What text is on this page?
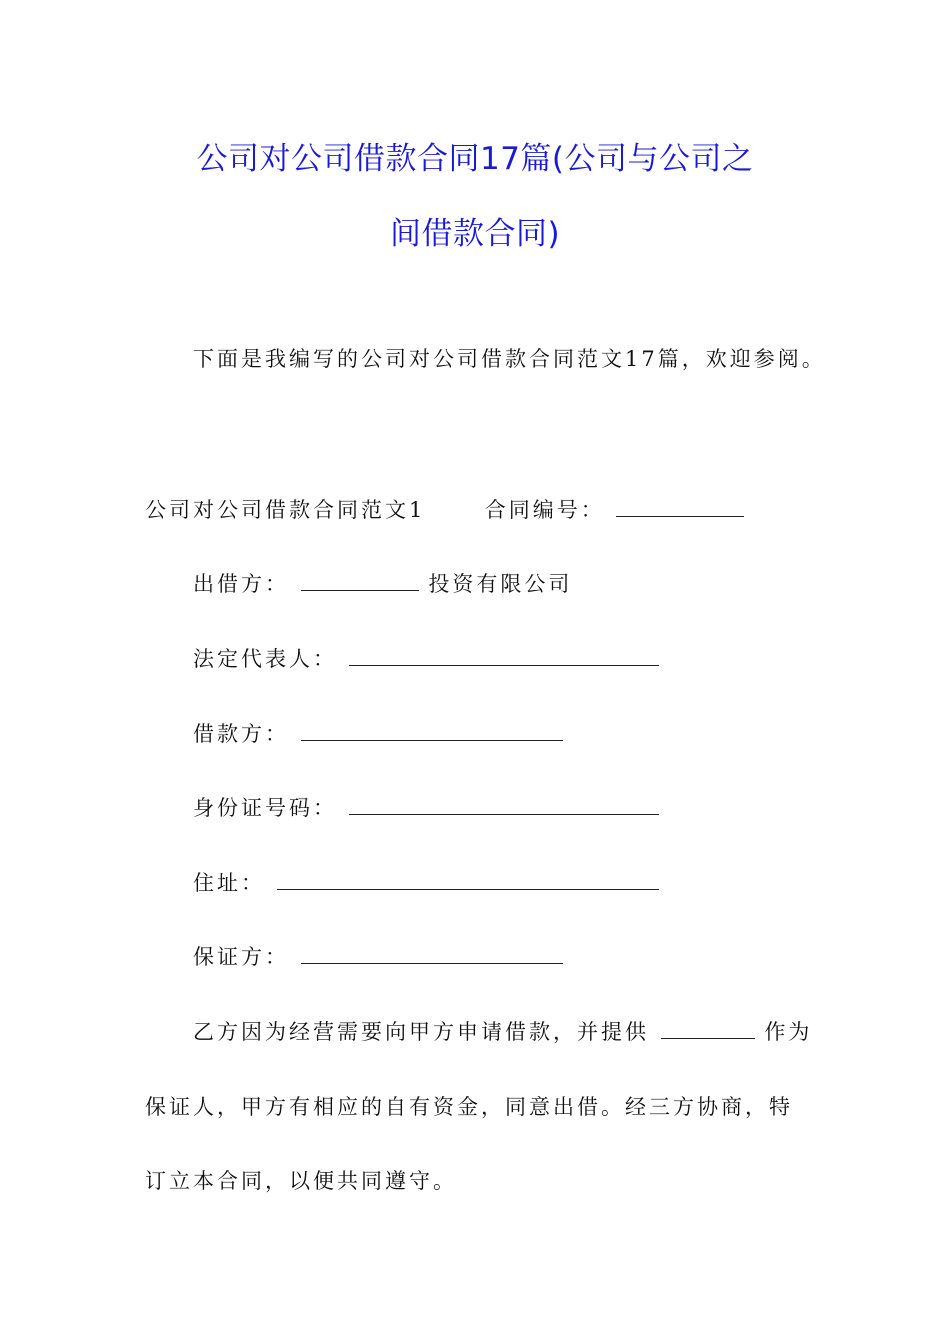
公司对公司借款合同17篇(公司与公司之
间借款合同)
下面是我编写的公司对公司借款合同范文17篇，欢迎参阅。
公司对公司借款合同范文1	合同编号：
出借方：	投资有限公司
法定代表人：
借款方：
身份证号码：
住址：
保证方：
乙方因为经营需要向甲方申请借款，并提供	作为
保证人，甲方有相应的自有资金，同意出借。经三方协商，特
订立本合同，以便共同遵守。
